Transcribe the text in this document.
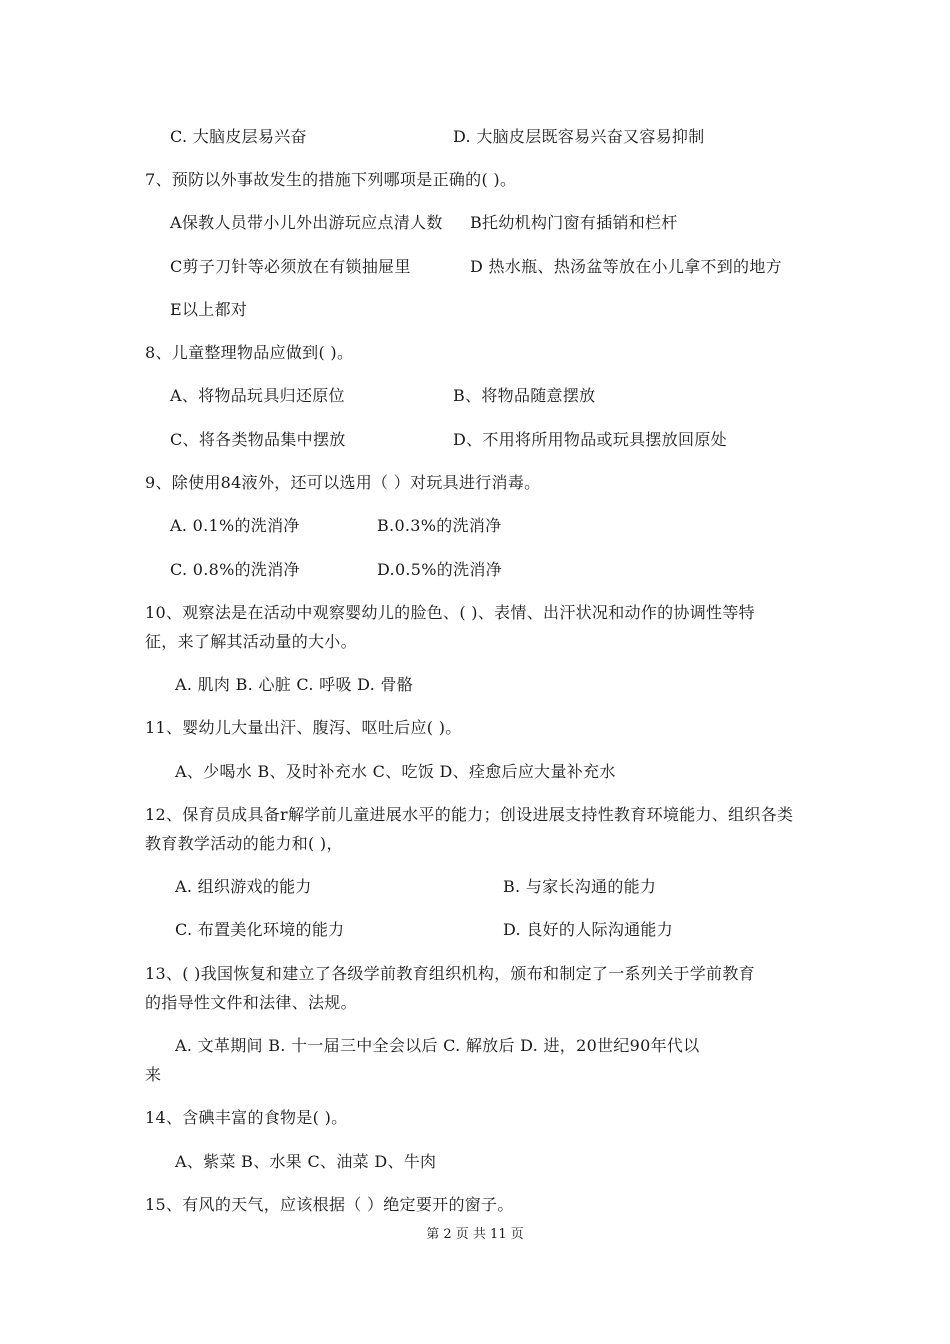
C. 大脑皮层易兴奋	D. 大脑皮层既容易兴奋又容易抑制
7、预防以外事故发生的措施下列哪项是正确的( )。
A保教人员带小儿外出游玩应点清人数 B托幼机构门窗有插销和栏杆
C剪子刀针等必须放在有锁抽屉里	D 热水瓶、热汤盆等放在小儿拿不到的地方
E以上都对
8、儿童整理物品应做到( )。
A、将物品玩具归还原位	B、将物品随意摆放
C、将各类物品集中摆放	D、不用将所用物品或玩具摆放回原处
9、除使用84液外，还可以选用（ ）对玩具进行消毒。
A. 0.1%的洗消净	B.0.3%的洗消净
C. 0.8%的洗消净	D.0.5%的洗消净
10、观察法是在活动中观察婴幼儿的脸色、( )、表情、出汗状况和动作的协调性等特
征，来了解其活动量的大小。
A. 肌肉 B. 心脏 C. 呼吸 D. 骨骼
11、婴幼儿大量出汗、腹泻、呕吐后应( )。
A、少喝水 B、及时补充水 C、吃饭 D、痊愈后应大量补充水
12、保育员成具备r解学前儿童进展水平的能力；创设进展支持性教育环境能力、组织各类
教育教学活动的能力和( )，
A. 组织游戏的能力	B. 与家长沟通的能力
C. 布置美化环境的能力	D. 良好的人际沟通能力
13、( )我国恢复和建立了各级学前教育组织机构，颁布和制定了一系列关于学前教育
的指导性文件和法律、法规。
A. 文革期间 B. 十一届三中全会以后 C. 解放后 D. 进，20世纪90年代以
来
14、含碘丰富的食物是( )。
A、紫菜 B、水果 C、油菜 D、牛肉
15、有风的天气，应该根据（ ）绝定要开的窗子。
第 2 页 共 11 页
